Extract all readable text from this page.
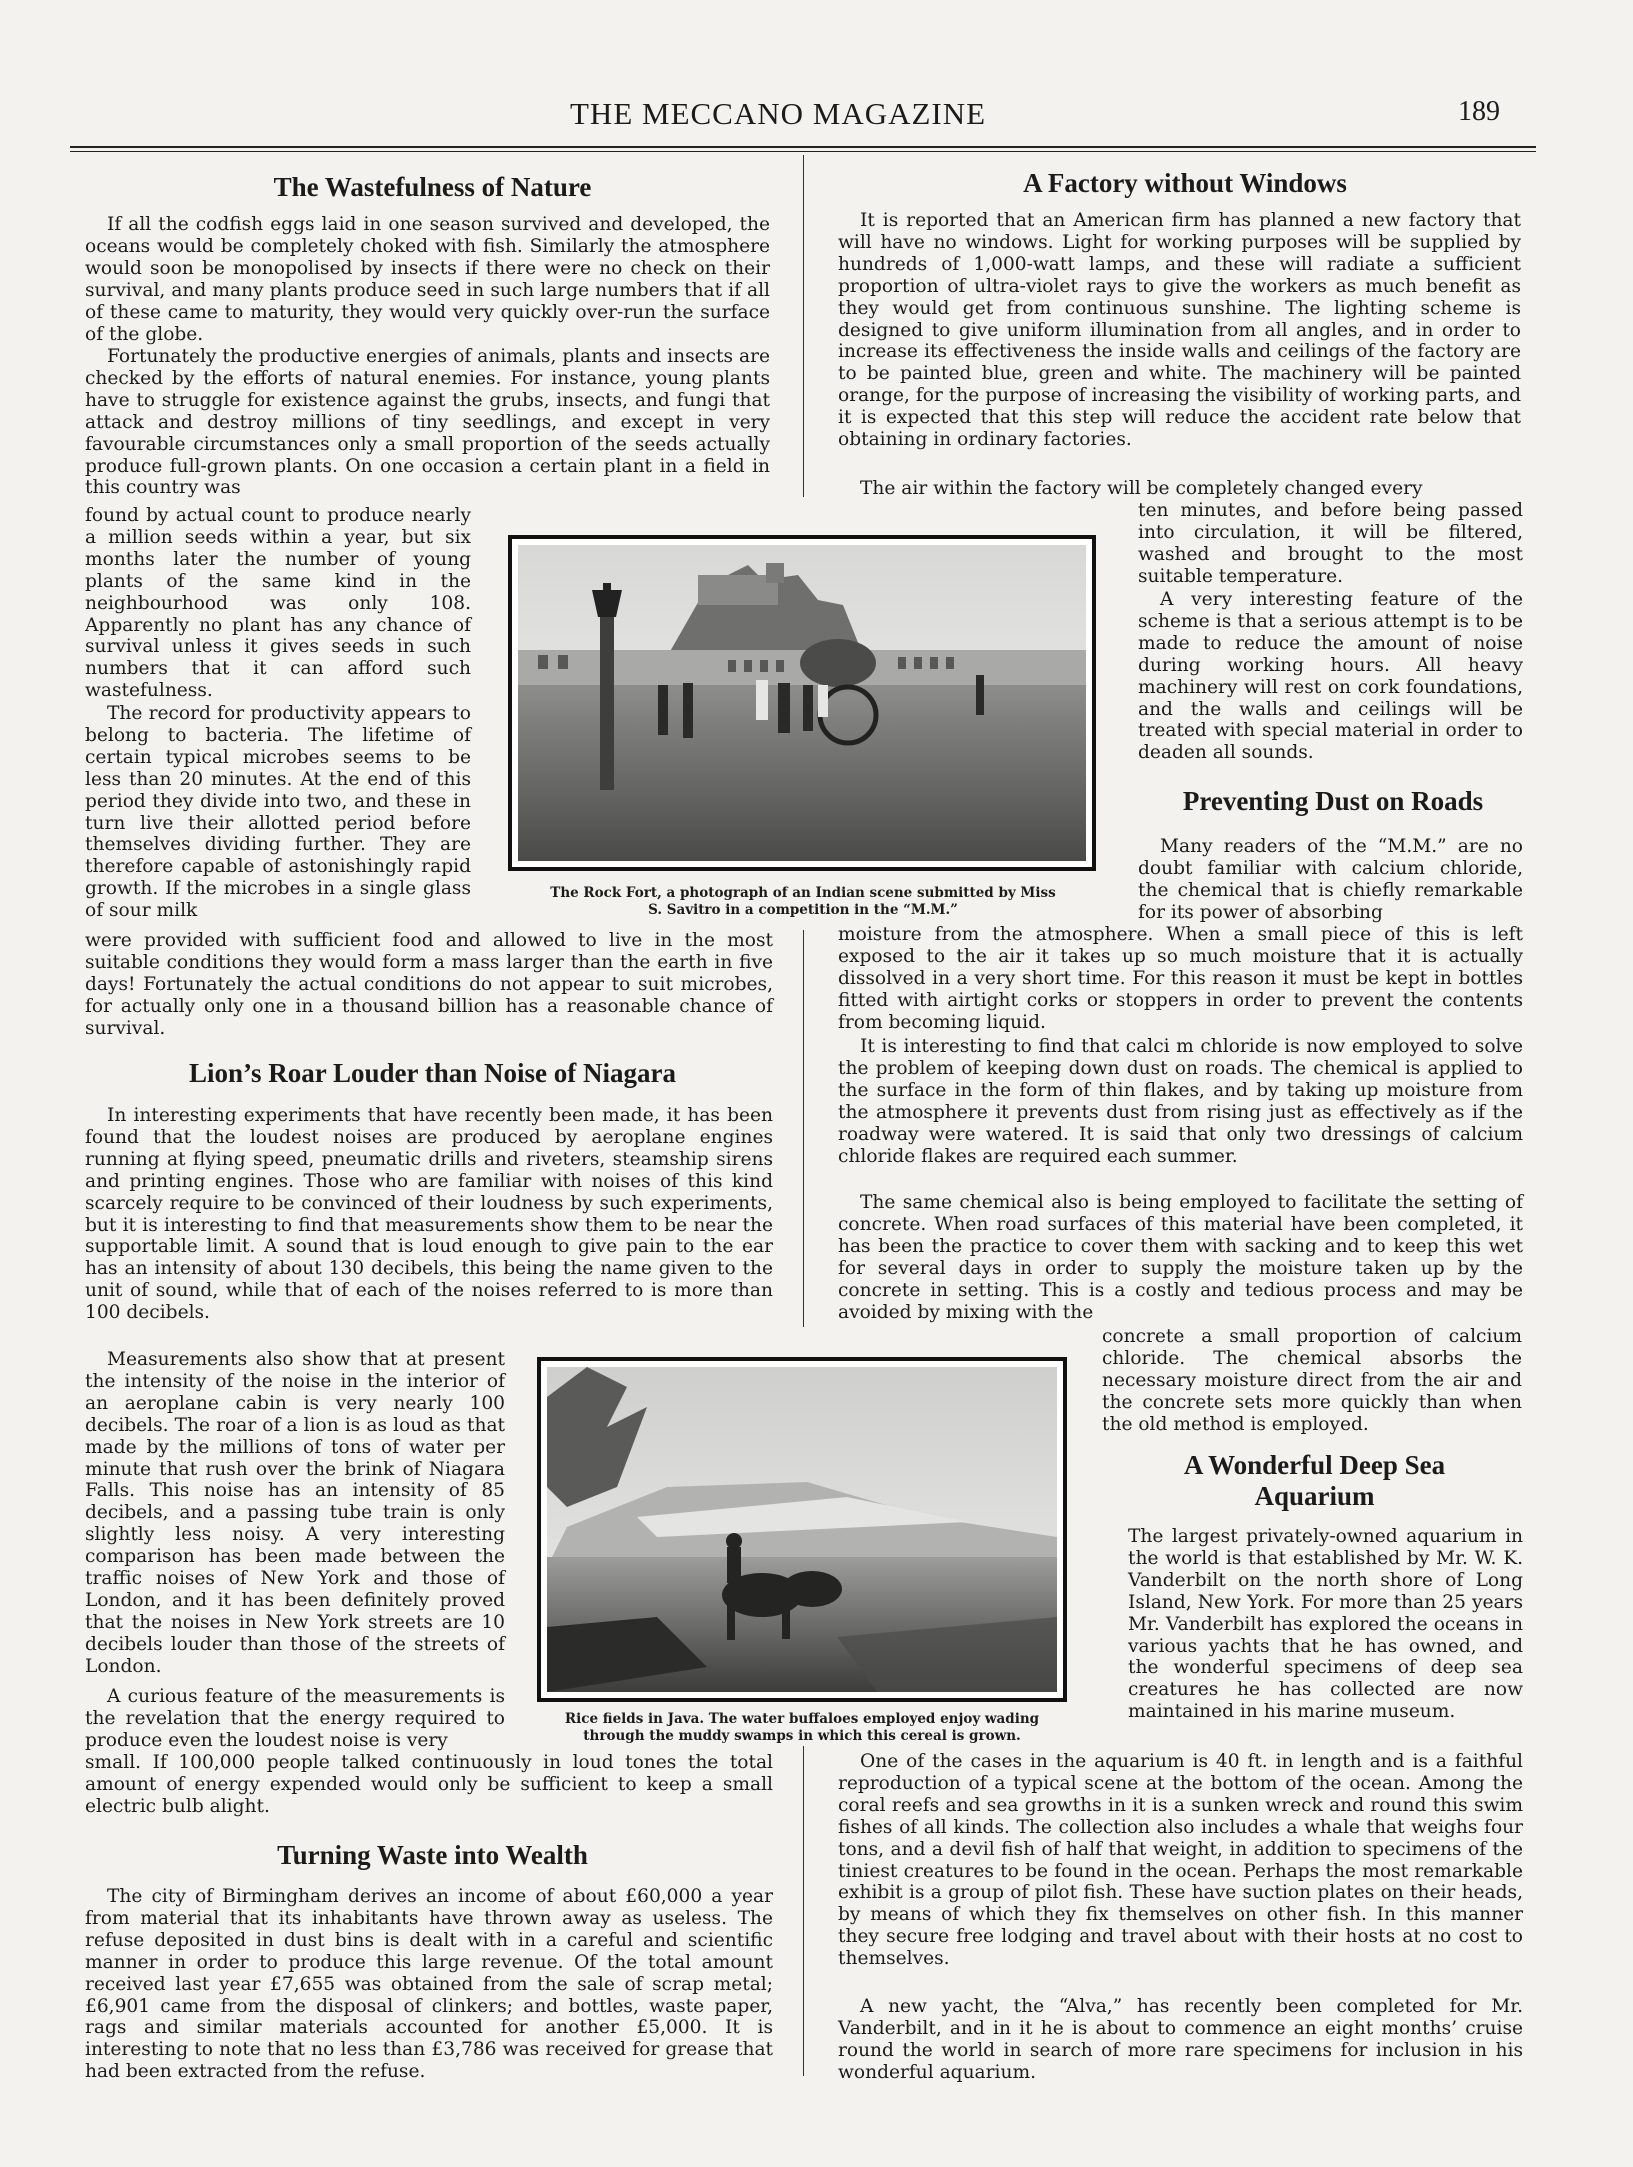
THE MECCANO MAGAZINE	189
The Wastefulness of Nature

If all the codfish eggs laid in one season survived and developed, the oceans would be completely choked with fish. Similarly the atmosphere would soon be monopolised by insects if there were no check on their survival, and many plants produce seed in such large numbers that if all of these came to maturity, they would very quickly over-run the surface of the globe.

Fortunately the productive energies of animals, plants and insects are checked by the efforts of natural enemies. For instance, young plants have to struggle for existence against the grubs, insects, and fungi that attack and destroy millions of tiny seedlings, and except in very favourable circumstances only a small proportion of the seeds actually produce full-grown plants. On one occasion a certain plant in a field in this country was

found by actual count to produce nearly a million seeds within a year, but six months later the number of young plants of the same kind in the neighbourhood was only 108. Apparently no plant has any chance of survival unless it gives seeds in such numbers that it can afford such wastefulness.

The record for productivity appears to belong to bacteria. The lifetime of certain typical microbes seems to be less than 20 minutes. At the end of this period they divide into two, and these in turn live their allotted period before themselves dividing further. They are therefore capable of astonishingly rapid growth. If the microbes in a single glass of sour milk

were provided with sufficient food and allowed to live in the most suitable conditions they would form a mass larger than the earth in five days! Fortunately the actual conditions do not appear to suit microbes, for actually only one in a thousand billion has a reasonable chance of survival.

Lion’s Roar Louder than Noise of Niagara

In interesting experiments that have recently been made, it has been found that the loudest noises are produced by aeroplane engines running at flying speed, pneumatic drills and riveters, steamship sirens and printing engines. Those who are familiar with noises of this kind scarcely require to be convinced of their loudness by such experiments, but it is interesting to find that measurements show them to be near the supportable limit. A sound that is loud enough to give pain to the ear has an intensity of about 130 decibels, this being the name given to the unit of sound, while that of each of the noises referred to is more than 100 decibels.

Measurements also show that at present the intensity of the noise in the interior of an aeroplane cabin is very nearly 100 decibels. The roar of a lion is as loud as that made by the millions of tons of water per minute that rush over the brink of Niagara Falls. This noise has an intensity of 85 decibels, and a passing tube train is only slightly less noisy. A very interesting comparison has been made between the traffic noises of New York and those of London, and it has been definitely proved that the noises in New York streets are 10 decibels louder than those of the streets of London.

A curious feature of the measurements is the revelation that the energy required to produce even the loudest noise is very

small. If 100,000 people talked continuously in loud tones the total amount of energy expended would only be sufficient to keep a small electric bulb alight.

Turning Waste into Wealth

The city of Birmingham derives an income of about £60,000 a year from material that its inhabitants have thrown away as useless. The refuse deposited in dust bins is dealt with in a careful and scientific manner in order to produce this large revenue. Of the total amount received last year £7,655 was obtained from the sale of scrap metal; £6,901 came from the disposal of clinkers; and bottles, waste paper, rags and similar materials accounted for another £5,000. It is interesting to note that no less than £3,786 was received for grease that had been extracted from the refuse.

A Factory without Windows

It is reported that an American firm has planned a new factory that will have no windows. Light for working purposes will be supplied by hundreds of 1,000-watt lamps, and these will radiate a sufficient proportion of ultra-violet rays to give the workers as much benefit as they would get from continuous sunshine. The lighting scheme is designed to give uniform illumination from all angles, and in order to increase its effectiveness the inside walls and ceilings of the factory are to be painted blue, green and white. The machinery will be painted orange, for the purpose of increasing the visibility of working parts, and it is expected that this step will reduce the accident rate below that obtaining in ordinary factories.

The air within the factory will be completely changed every

ten minutes, and before being passed into circulation, it will be filtered, washed and brought to the most suitable temperature.

A very interesting feature of the scheme is that a serious attempt is to be made to reduce the amount of noise during working hours. All heavy machinery will rest on cork foundations, and the walls and ceilings will be treated with special material in order to deaden all sounds.

Preventing Dust on Roads

Many readers of the “M.M.” are no doubt familiar with calcium chloride, the chemical that is chiefly remarkable for its power of absorbing

moisture from the atmosphere. When a small piece of this is left exposed to the air it takes up so much moisture that it is actually dissolved in a very short time. For this reason it must be kept in bottles fitted with airtight corks or stoppers in order to prevent the contents from becoming liquid.

It is interesting to find that calci m chloride is now employed to solve the problem of keeping down dust on roads. The chemical is applied to the surface in the form of thin flakes, and by taking up moisture from the atmosphere it prevents dust from rising just as effectively as if the roadway were watered. It is said that only two dressings of calcium chloride flakes are required each summer.

The same chemical also is being employed to facilitate the setting of concrete. When road surfaces of this material have been completed, it has been the practice to cover them with sacking and to keep this wet for several days in order to supply the moisture taken up by the concrete in setting. This is a costly and tedious process and may be avoided by mixing with the

concrete a small proportion of calcium chloride. The chemical absorbs the necessary moisture direct from the air and the concrete sets more quickly than when the old method is employed.

A Wonderful Deep Sea
Aquarium

The largest privately-owned aquarium in the world is that established by Mr. W. K. Vanderbilt on the north shore of Long Island, New York. For more than 25 years Mr. Vanderbilt has explored the oceans in various yachts that he has owned, and the wonderful specimens of deep sea creatures he has collected are now maintained in his marine museum.

One of the cases in the aquarium is 40 ft. in length and is a faithful reproduction of a typical scene at the bottom of the ocean. Among the coral reefs and sea growths in it is a sunken wreck and round this swim fishes of all kinds. The collection also includes a whale that weighs four tons, and a devil fish of half that weight, in addition to specimens of the tiniest creatures to be found in the ocean. Perhaps the most remarkable exhibit is a group of pilot fish. These have suction plates on their heads, by means of which they fix themselves on other fish. In this manner they secure free lodging and travel about with their hosts at no cost to themselves.

A new yacht, the “Alva,” has recently been completed for Mr. Vanderbilt, and in it he is about to commence an eight months’ cruise round the world in search of more rare specimens for inclusion in his wonderful aquarium.

The Rock Fort, a photograph of an Indian scene submitted by Miss
S. Savitro in a competition in the “M.M.”

Rice fields in Java. The water buffaloes employed enjoy wading
through the muddy swamps in which this cereal is grown.
